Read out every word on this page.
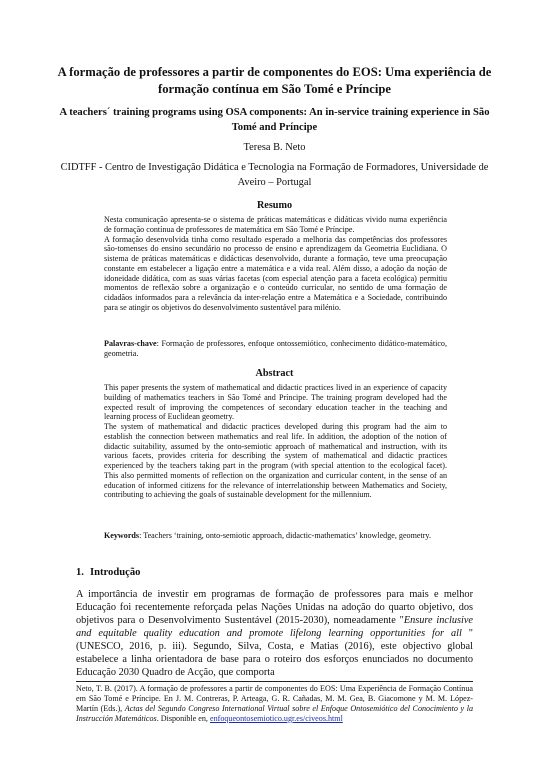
A formação de professores a partir de componentes do EOS: Uma experiência de formação contínua em São Tomé e Príncipe
A teachers´ training programs using OSA components: An in-service training experience in São Tomé and Príncipe
Teresa B. Neto
CIDTFF - Centro de Investigação Didática e Tecnologia na Formação de Formadores, Universidade de Aveiro – Portugal
Resumo

Nesta comunicação apresenta-se o sistema de práticas matemáticas e didáticas vivido numa experiência de formação contínua de professores de matemática em São Tomé e Príncipe.

A formação desenvolvida tinha como resultado esperado a melhoria das competências dos professores são-tomenses do ensino secundário no processo de ensino e aprendizagem da Geometria Euclidiana. O sistema de práticas matemáticas e didácticas desenvolvido, durante a formação, teve uma preocupação constante em estabelecer a ligação entre a matemática e a vida real. Além disso, a adoção da noção de idoneidade didática, com as suas várias facetas (com especial atenção para a faceta ecológica) permitiu momentos de reflexão sobre a organização e o conteúdo curricular, no sentido de uma formação de cidadãos informados para a relevância da inter-relação entre a Matemática e a Sociedade, contribuindo para se atingir os objetivos do desenvolvimento sustentável para milénio.

Palavras-chave: Formação de professores, enfoque ontossemiótico, conhecimento didático-matemático, geometria.
Abstract

This paper presents the system of mathematical and didactic practices lived in an experience of capacity building of mathematics teachers in São Tomé and Príncipe. The training program developed had the expected result of improving the competences of secondary education teacher in the teaching and learning process of Euclidean geometry.

The system of mathematical and didactic practices developed during this program had the aim to establish the connection between mathematics and real life. In addition, the adoption of the notion of didactic suitability, assumed by the onto-semiotic approach of mathematical and instruction, with its various facets, provides criteria for describing the system of mathematical and didactic practices experienced by the teachers taking part in the program (with special attention to the ecological facet). This also permitted moments of reflection on the organization and curricular content, in the sense of an education of informed citizens for the relevance of interrelationship between Mathematics and Society, contributing to achieving the goals of sustainable development for the millennium.

Keywords: Teachers ‘training, onto-semiotic approach, didactic-mathematics’ knowledge, geometry.
1. Introdução
A importância de investir em programas de formação de professores para mais e melhor Educação foi recentemente reforçada pelas Nações Unidas na adoção do quarto objetivo, dos objetivos para o Desenvolvimento Sustentável (2015-2030), nomeadamente "Ensure inclusive and equitable quality education and promote lifelong learning opportunities for all " (UNESCO, 2016, p. iii). Segundo, Silva, Costa, e Matias (2016), este objectivo global estabelece a linha orientadora de base para o roteiro dos esforços enunciados no documento Educação 2030 Quadro de Acção, que comporta
Neto, T. B. (2017). A formação de professores a partir de componentes do EOS: Uma Experiência de Formação Contínua em São Tomé e Príncipe. En J. M. Contreras, P. Arteaga, G. R. Cañadas, M. M. Gea, B. Giacomone y M. M. López-Martín (Eds.), Actas del Segundo Congreso International Virtual sobre el Enfoque Ontosemiótico del Conocimiento y la Instrucción Matemáticos. Disponible en, enfoqueontosemiotico.ugr.es/civeos.html
